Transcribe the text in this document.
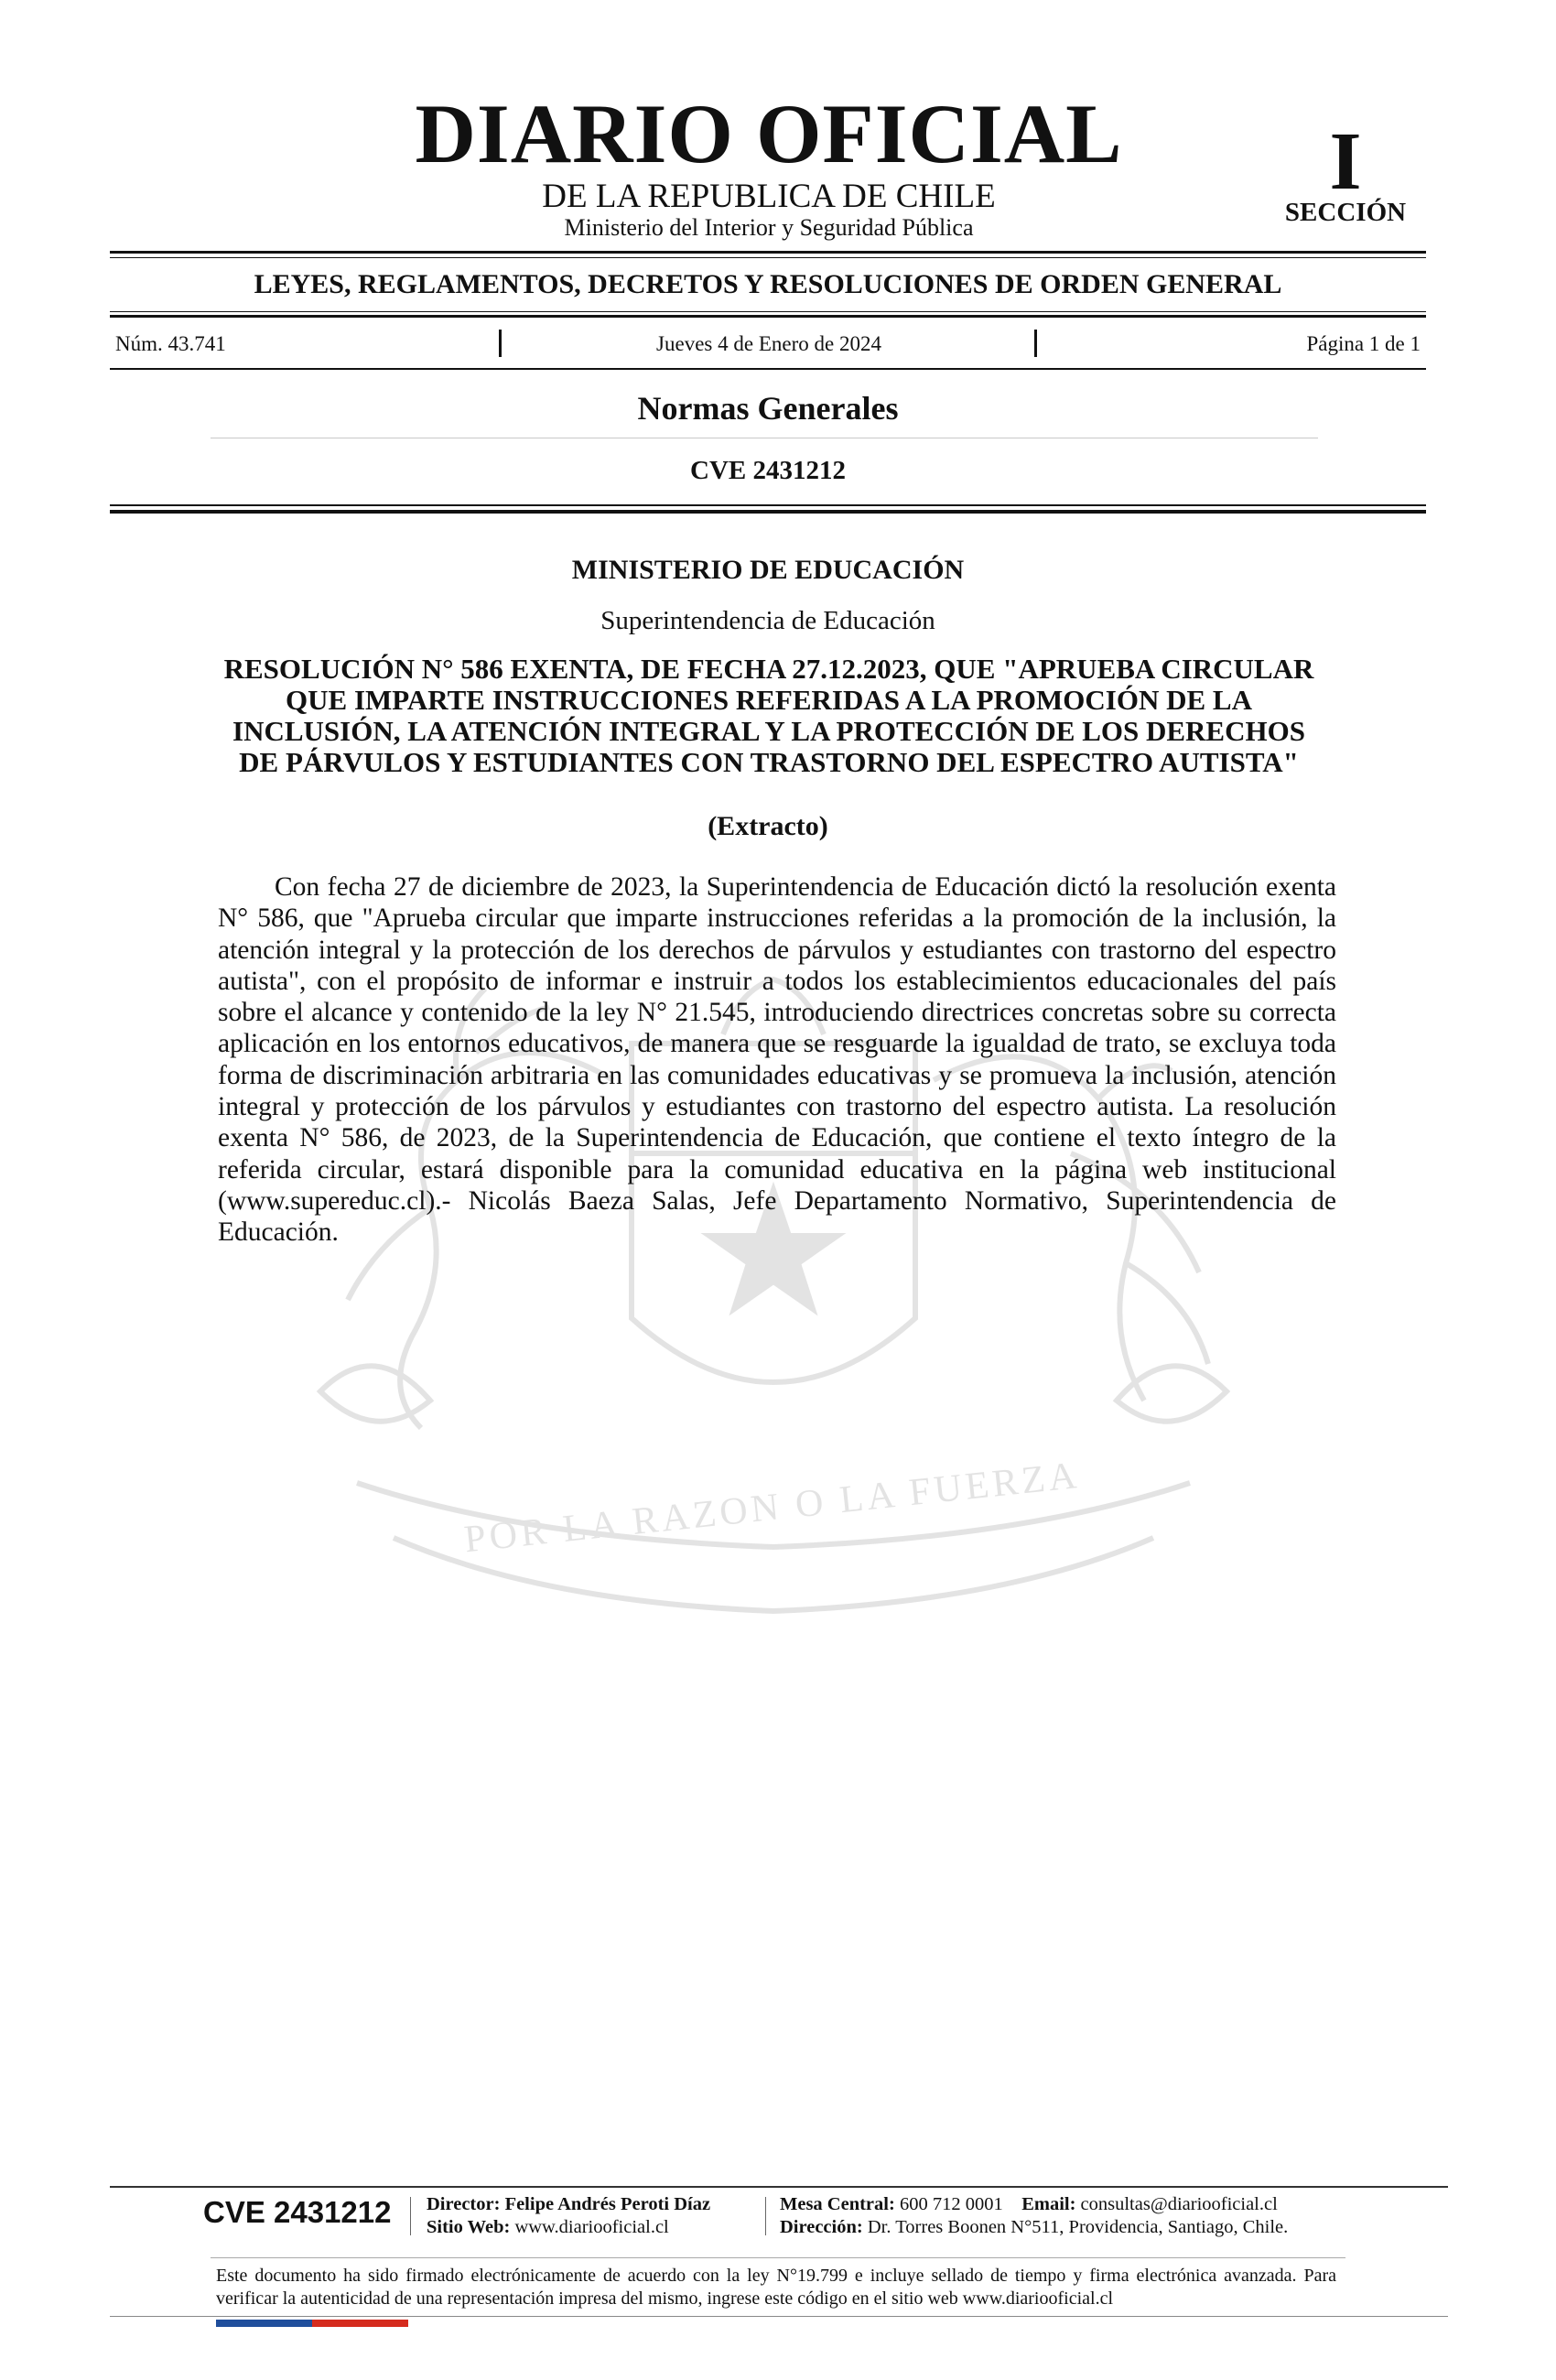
DIARIO OFICIAL
DE LA REPUBLICA DE CHILE
Ministerio del Interior y Seguridad Pública
I
SECCIÓN
LEYES, REGLAMENTOS, DECRETOS Y RESOLUCIONES DE ORDEN GENERAL
Núm. 43.741	Jueves 4 de Enero de 2024	Página 1 de 1
Normas Generales
CVE 2431212
POR LA RAZON O LA FUERZA
MINISTERIO DE EDUCACIÓN
Superintendencia de Educación
RESOLUCIÓN N° 586 EXENTA, DE FECHA 27.12.2023, QUE "APRUEBA CIRCULAR QUE IMPARTE INSTRUCCIONES REFERIDAS A LA PROMOCIÓN DE LA INCLUSIÓN, LA ATENCIÓN INTEGRAL Y LA PROTECCIÓN DE LOS DERECHOS DE PÁRVULOS Y ESTUDIANTES CON TRASTORNO DEL ESPECTRO AUTISTA"
(Extracto)

Con fecha 27 de diciembre de 2023, la Superintendencia de Educación dictó la resolución exenta N° 586, que "Aprueba circular que imparte instrucciones referidas a la promoción de la inclusión, la atención integral y la protección de los derechos de párvulos y estudiantes con trastorno del espectro autista", con el propósito de informar e instruir a todos los establecimientos educacionales del país sobre el alcance y contenido de la ley N° 21.545, introduciendo directrices concretas sobre su correcta aplicación en los entornos educativos, de manera que se resguarde la igualdad de trato, se excluya toda forma de discriminación arbitraria en las comunidades educativas y se promueva la inclusión, atención integral y protección de los párvulos y estudiantes con trastorno del espectro autista. La resolución exenta N° 586, de 2023, de la Superintendencia de Educación, que contiene el texto íntegro de la referida circular, estará disponible para la comunidad educativa en la página web institucional (www.supereduc.cl).- Nicolás Baeza Salas, Jefe Departamento Normativo, Superintendencia de Educación.

CVE 2431212 Director: Felipe Andrés Peroti Díaz
Sitio Web: www.diariooficial.cl
Mesa Central: 600 712 0001 Email: consultas@diariooficial.cl
Dirección: Dr. Torres Boonen N°511, Providencia, Santiago, Chile.

Este documento ha sido firmado electrónicamente de acuerdo con la ley N°19.799 e incluye sellado de tiempo y firma electrónica avanzada. Para verificar la autenticidad de una representación impresa del mismo, ingrese este código en el sitio web www.diariooficial.cl
